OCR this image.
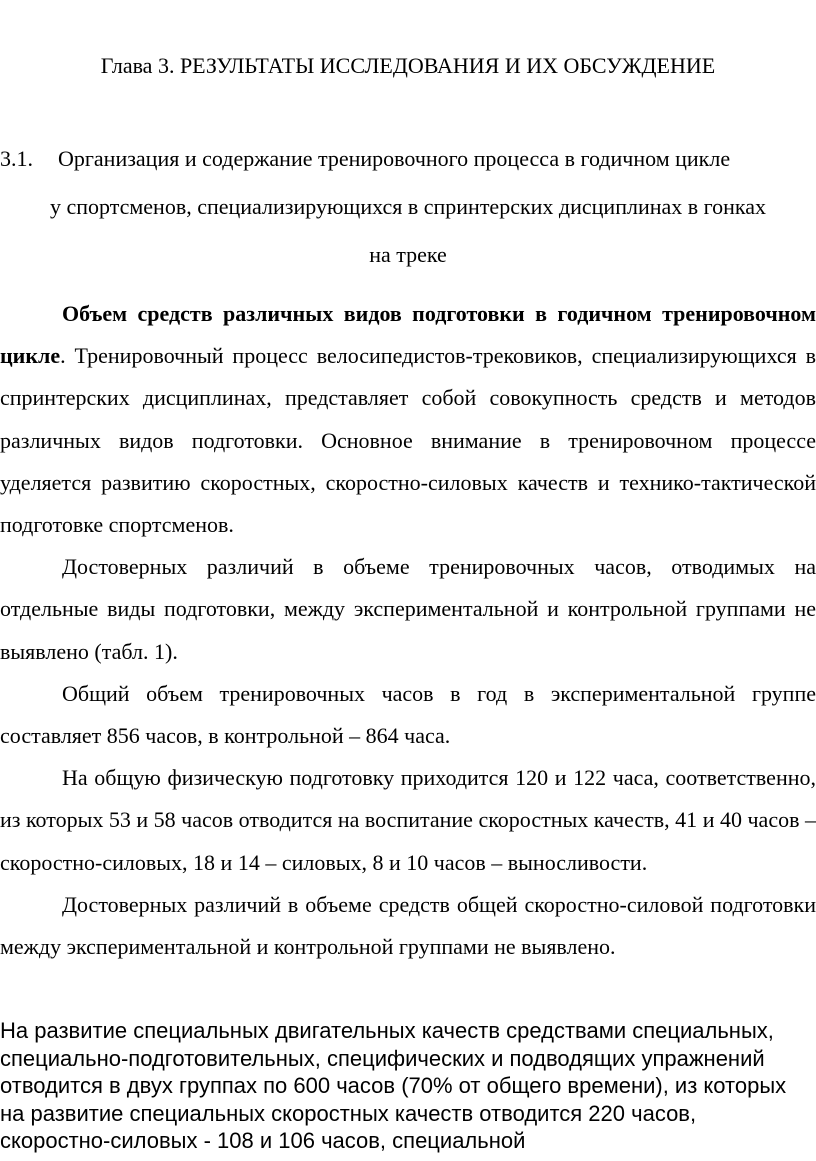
Глава 3. РЕЗУЛЬТАТЫ ИССЛЕДОВАНИЯ И ИХ ОБСУЖДЕНИЕ
3.1.	Организация и содержание тренировочного процесса в годичном цикле
у спортсменов, специализирующихся в спринтерских дисциплинах в гонках
на треке

Объем средств различных видов подготовки в годичном тренировочном цикле. Тренировочный процесс велосипедистов-трековиков, специализирующихся в спринтерских дисциплинах, представляет собой совокупность средств и методов различных видов подготовки. Основное внимание в тренировочном процессе уделяется развитию скоростных, скоростно-силовых качеств и технико-тактической подготовке спортсменов.

Достоверных различий в объеме тренировочных часов, отводимых на отдельные виды подготовки, между экспериментальной и контрольной группами не выявлено (табл. 1).

Общий объем тренировочных часов в год в экспериментальной группе составляет 856 часов, в контрольной – 864 часа.

На общую физическую подготовку приходится 120 и 122 часа, соответственно, из которых 53 и 58 часов отводится на воспитание скоростных качеств, 41 и 40 часов – скоростно-силовых, 18 и 14 – силовых, 8 и 10 часов – выносливости.

Достоверных различий в объеме средств общей скоростно-силовой подготовки между экспериментальной и контрольной группами не выявлено.

На развитие специальных двигательных качеств средствами специальных,

специально-подготовительных, специфических и подводящих упражнений

отводится в двух группах по 600 часов (70% от общего времени), из которых

на развитие специальных скоростных качеств отводится 220 часов,

скоростно-силовых - 108 и 106 часов, специальной
